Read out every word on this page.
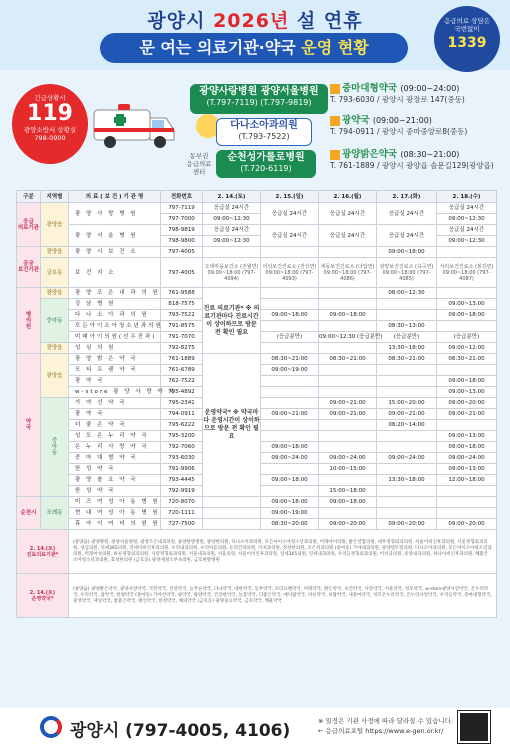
광양시 2026년 설 연휴
문 여는 의료기관·약국 운영 현황
응급의료 상담은
국번없이
1339
긴급상황시
119
광양소방서 상황실
798-0900
광양사랑병원 광양서울병원
(T.797-7119) (T.797-9819)
다나소아과의원
(T.793-7522)
동부권
응급의료센터
순천성가롤로병원
(T.720-6119)
중마대형약국 (09:00~24:00)
T. 793-6030 / 광양시 광장로 147(중동)
광약국 (09:00~21:00)
T. 794-0911 / 광양시 중마중앙로8(중동)
광양밝은약국 (08:30~21:00)
T. 761-1889 / 광양시 광양읍 솔문길129(광양읍)
구분	지역별	의 료 ( 보 건 ) 기 관 명	전화번호	2. 14.(토)	2. 15.(일)	2. 16.(월)	2. 17.(화)	2. 18.(수)
응급
의료기관	광양읍	광 양 사 랑 병 원	797-7119	응급실 24시간	응급실 24시간	응급실 24시간	응급실 24시간	응급실 24시간
			797-7000	09:00~12:30				09:00~12:30
		광 양 서 울 병 원	798-9819	응급실 24시간	응급실 24시간	응급실 24시간	응급실 24시간	응급실 24시간
			798-9800	09:00~12:30				09:00~12:30
공공
보건기관	광양읍	광 양 시 보 건 소	797-4005				09:00~18:00	
	금호동	보 건 지 소	797-4005	오새마을보건소 (진월면) 09:00~18:00 (797-4094)	어의보건진료소 (진상면) 09:00~18:00 (797-4093)	세동보건진료소 (다압면) 09:00~18:00 (797-4086)	광양보건진료소 (옥곡면) 09:00~18:00 (797-4085)	서리보건진료소 (봉강면) 09:00~18:00 (797-4087)
병
의
원	광양읍	광 양 조 은 내 과 의 원	761-9588	진료 의료기관* ※ 의료기관마다 진료시간이 상이하므로 방문 전 확인 필요			08:00~12:30	
	중마동	강 남 병 원	818-7575					09:00~13:00
		다 나 소 아 과 의 원	793-7522		09:00~18:00	09:00~18:00		09:00~18:00
		모든아이소아청소년과의원	791-8575				08:30~13:00	
		미래아이의원(선우진과)	791-7070		(응급분만)	09:00~12:30 (응급분만)	(응급분만)	(응급분만)
	광양읍	성 심 의 원	792-8275				13:30~18:00	09:00~12:00
약
국	광양읍	광 양 밝 은 약 국	761-1889	운영약국* ※ 약국마다 운영시간이 상이하므로 방문 전 확인 필요	08:30~21:00	08:30~21:00	08:30~21:00	08:30~21:00
		모 티 프 랜 약 국	761-6789		09:00~19:00			
		광 약 국	762-7522					09:00~18:00
		w-store 광 양 사 랑 약 국	795-4892					09:00~13:00
	중
마
동	가 야 선 약 국	795-2341			09:00~21:00	15:00~20:00	09:00~20:00
		광 약 국	794-0911		09:00~21:00	09:00~21:00	09:00~21:00	09:00~21:00
		더 좋 은 약 국	795-6222				08:20~14:00	
		성 모 온 누 리 약 국	795-3200					09:00~13:00
		온 누 리 사 랑 약 국	792-7060		09:00~18:00			09:00~18:00
		중 마 대 형 약 국	793-6030		09:00~24:00	09:00~24:00	09:00~24:00	09:00~24:00
		한 성 약 국	791-9906			10:00~15:00		09:00~13:00
		광 양 솔 요 약 국	793-4445		09:00~18:00		13:30~18:00	12:00~18:00
		한 성 약 국	792-9919			15:00~18:00		
순천시	조례동	미 즈 여 성 아 동 병 원	720-8070		09:00~18:00	09:00~18:00		
		현 대 여 성 아 동 병 원	720-1111		09:00~19:00			
		휴 아 이 여 미 의 원 원	727-7500		08:30~20:00	09:00~20:00	09:00~20:00	09:00~20:00
2. 14.(토)
진료의료기관*		(광양읍) 광양병원, 광양서울병원, 광양조은내과의원, 광양한방병원, 광양한의원, 다나소아과의원, 모든아이소아청소년과의원, 미래아이의원, 밝은연합의원, 세무정형외과의원, 서울이비인후과의원, 서울정형외과의원, 성심의원, 연세365의원, 연세이비인후과의원, 우리내과의원, 우리아동의원, 유리안과의원, 이치과의원, 정성한의원, 조은치과의원 (중마동) 가야내과의원, 광양센트럴의원, 다나소아과의원, 모든아이소아청소년과의원, 미래여성의원, 바른정형외과의원, 사랑정형외과의원, 서울내과의원, 서울의원, 서울이비인후과의원, 연세365의원, 연세내과의원, 우리들정형외과의원, 이치과의원, 중앙내과의원, 하나이비인후과의원, 해맑은소아청소년과의원, 효성한의원 (금호동) 광양제철소부속의원, 금호한방병원						
2. 14.(토)
운영약국*		(광양읍) 광양밝은약국, 광양사랑약국, 국민약국, 건강약국, 늘푸른약국, 다나약국, 대한약국, 동부약국, 모티프랜약국, 미래약국, 밝은약국, 보건약국, 사랑약국, 서울약국, 성모약국, w-store광양사랑약국, 온누리약국, 우리약국, 참약국, 한빛약국 (중마동) 가야선약국, 광약국, 광양약국, 건강한약국, 늘봄약국, 더좋은약국, 메디팜약국, 바른약국, 보람약국, 새중마약국, 성모온누리약국, 온누리사랑약국, 우리들약국, 중마대형약국, 중앙약국, 제일약국, 참좋은약국, 태인약국, 한성약국, 해피약국 (금호동) 광양솔요약국, 금호약국, 백운약국						
광양시 (797-4005, 4106)	※ 일정은 기관 사정에 따라 달라질 수 있습니다.
← 응급의료포털 https://www.e-gen.or.kr/
